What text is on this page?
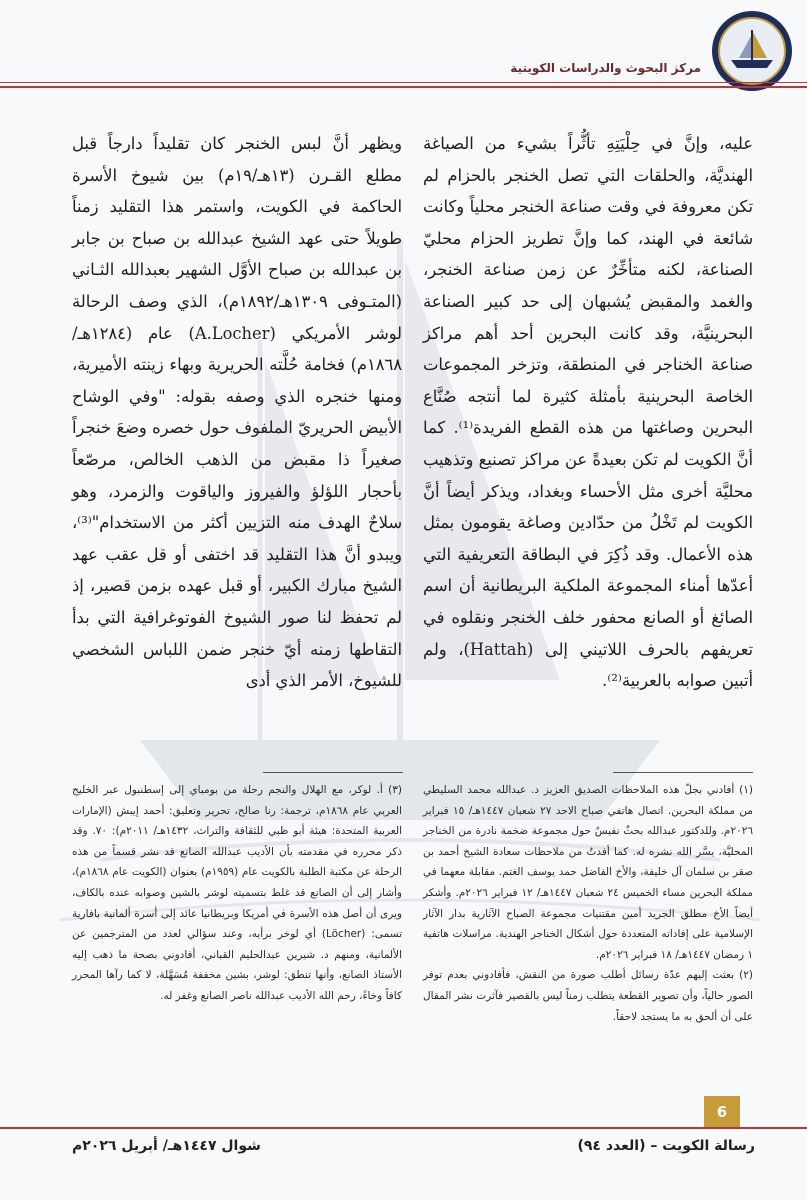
مركز البحوث والدراسات الكويتية

عليه، وإنَّ في حِلْيَتِهِ تأثُّراً بشيء من الصياغة الهنديَّة، والحلقات التي تصل الخنجر بالحزام لم تكن معروفة في وقت صناعة الخنجر محلياً وكانت شائعة في الهند، كما وإنَّ تطريز الحزام محليّ الصناعة، لكنه متأخِّرٌ عن زمن صناعة الخنجر، والغمد والمقبض يُشبهان إلى حد كبير الصناعة البحرينيَّة، وقد كانت البحرين أحد أهم مراكز صناعة الخناجر في المنطقة، وتزخر المجموعات الخاصة البحرينية بأمثلة كثيرة لما أنتجه صُنَّاع البحرين وصاغتها من هذه القطع الفريدة⁽¹⁾. كما أنَّ الكويت لم تكن بعيدةً عن مراكز تصنيع وتذهيب محليَّة أخرى مثل الأحساء وبغداد، ويذكر أيضاً أنَّ الكويت لم تَخْلُ من حدّادين وصاغة يقومون بمثل هذه الأعمال. وقد ذُكِرَ في البطاقة التعريفية التي أعدّها أمناء المجموعة الملكية البريطانية أن اسم الصائغ أو الصانع محفور خلف الخنجر ونقلوه في تعريفهم بالحرف اللاتيني إلى (Hattah)، ولم أتبين صوابه بالعربية⁽²⁾.

ويظهر أنَّ لبس الخنجر كان تقليداً دارجاً قبل مطلع القـرن (١٣هـ/١٩م) بين شيوخ الأسرة الحاكمة في الكويت، واستمر هذا التقليد زمناً طويلاً حتى عهد الشيخ عبدالله بن صباح بن جابر بن عبدالله بن صباح الأوَّل الشهير بعبدالله الثـاني (المتـوفى ١٣٠٩هـ/١٨٩٢م)، الذي وصف الرحالة لوشر الأمريكي (A.Locher) عام (١٢٨٤هـ/١٨٦٨م) فخامة حُلَّته الحريرية وبهاء زينته الأميرية، ومنها خنجره الذي وصفه بقوله: "وفي الوشاح الأبيض الحريريّ الملفوف حول خصره وضعَ خنجراً صغيراً ذا مقبض من الذهب الخالص، مرصّعاً بأحجار اللؤلؤ والفيروز والياقوت والزمرد، وهو سلاحٌ الهدف منه التزيين أكثر من الاستخدام"⁽³⁾، ويبدو أنَّ هذا التقليد قد اختفى أو قل عقب عهد الشيخ مبارك الكبير، أو قبل عهده بزمن قصير، إذ لم تحفظ لنا صور الشيوخ الفوتوغرافية التي بدأ التقاطها زمنه أيّ خنجر ضمن اللباس الشخصي للشيوخ، الأمر الذي أدى

(١) أفادني بجلّ هذه الملاحظات الصديق العزيز د. عبدالله محمد السليطي من مملكة البحرين. اتصال هاتفي صباح الاحد ٢٧ شعبان ١٤٤٧هـ/ ١٥ فبراير ٢٠٢٦م. وللدكتور عبدالله بحثٌ نفيسٌ حول مجموعة ضخمة نادرة من الخناجر المحليَّة، يسَّر الله نشره له. كما أفدتُ من ملاحظات سعادة الشيخ أحمد بن صقر بن سلمان آل خليفة، والأخ الفاضل حمد يوسف الغتم. مقابلة معهما في مملكة البحرين مساء الخميس ٢٤ شعبان ١٤٤٧هـ/ ١٢ فبراير ٢٠٢٦م. وأشكر أيضاً الأخ مطلق الجريد أمين مقتنيات مجموعة الصباح الآثارية بدار الآثار الإسلامية على إفاداته المتعددة حول أشكال الخناجر الهندية. مراسلات هاتفية ١ رمضان ١٤٤٧هـ/ ١٨ فبراير ٢٠٢٦م.

(٢) بعثت إليهم عدّة رسائل أطلب صورة من النقش، فأفادوني بعدم توفر الصور حالياً، وأن تصوير القطعة يتطلب زمناً ليس بالقصير فآثرت نشر المقال على أن ألحق به ما يستجد لاحقاً.

(٣) أ. لوكر، مع الهلال والنجم رحلة من بومباي إلى إسطنبول عبر الخليج العربي عام ١٨٦٨م، ترجمة: رنا صالح، تحرير وتعليق: أحمد إيبش (الإمارات العربية المتحدة: هيئة أبو ظبي للثقافة والتراث، ١٤٣٢هـ/ ٢٠١١م): ٧٠. وقد ذكر محرره في مقدمته بأن الأديب عبدالله الصانع قد نشر قسماً من هذه الرحلة عن مكتبة الطلبة بالكويت عام (١٩٥٩م) بعنوان (الكويت عام ١٨٦٨م)، وأشار إلى أن الصانع قد غلط بتسميته لوشر بالشين وصوابه عنده بالكاف، ويرى أن أصل هذه الأسرة في أمريكا وبريطانيا عائد إلى أسرة ألمانية بافارية تسمى: (Löcher) أي لوخر برأيه، وعند سؤالي لعدد من المترجمين عن الألمانية، ومنهم د. شيرين عبدالحليم القباني، أفادوني بصحة ما ذهب إليه الأستاذ الصانع، وأنها تنطق: لوشر، بشين مخففة مُسَهَّلة، لا كما رآها المحرر كافاً وخاءً، رحم الله الأديب عبدالله ناصر الصانع وغفر له.

6
رسالة الكويت – (العدد ٩٤)
شوال ١٤٤٧هـ/ أبريل ٢٠٢٦م
